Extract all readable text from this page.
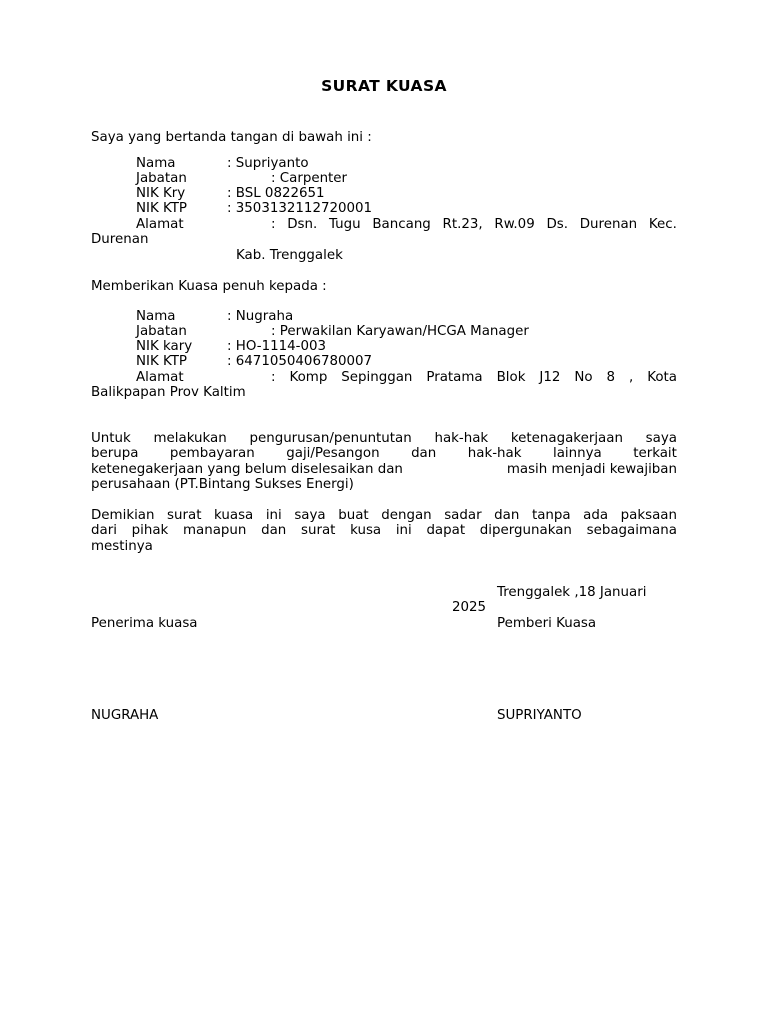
SURAT KUASA
Saya yang bertanda tangan di bawah ini :
Nama	: Supriyanto
Jabatan	: Carpenter
NIK Kry	: BSL 0822651
NIK KTP	: 3503132112720001
Alamat	: Dsn. Tugu Bancang Rt.23, Rw.09 Ds. Durenan Kec.
Durenan
Kab. Trenggalek
Memberikan Kuasa penuh kepada :
Nama	: Nugraha
Jabatan	: Perwakilan Karyawan/HCGA Manager
NIK kary	: HO-1114-003
NIK KTP	: 6471050406780007
Alamat	: Komp Sepinggan Pratama Blok J12 No 8 , Kota
Balikpapan Prov Kaltim
Untuk melakukan pengurusan/penuntutan hak-hak ketenagakerjaan saya
berupa pembayaran gaji/Pesangon dan hak-hak lainnya terkait
ketenegakerjaan yang belum diselesaikan dan	masih menjadi kewajiban
perusahaan (PT.Bintang Sukses Energi)
Demikian surat kuasa ini saya buat dengan sadar dan tanpa ada paksaan
dari pihak manapun dan surat kusa ini dapat dipergunakan sebagaimana
mestinya
Trenggalek ,18 Januari
2025
Penerima kuasa	Pemberi Kuasa
NUGRAHA	SUPRIYANTO
